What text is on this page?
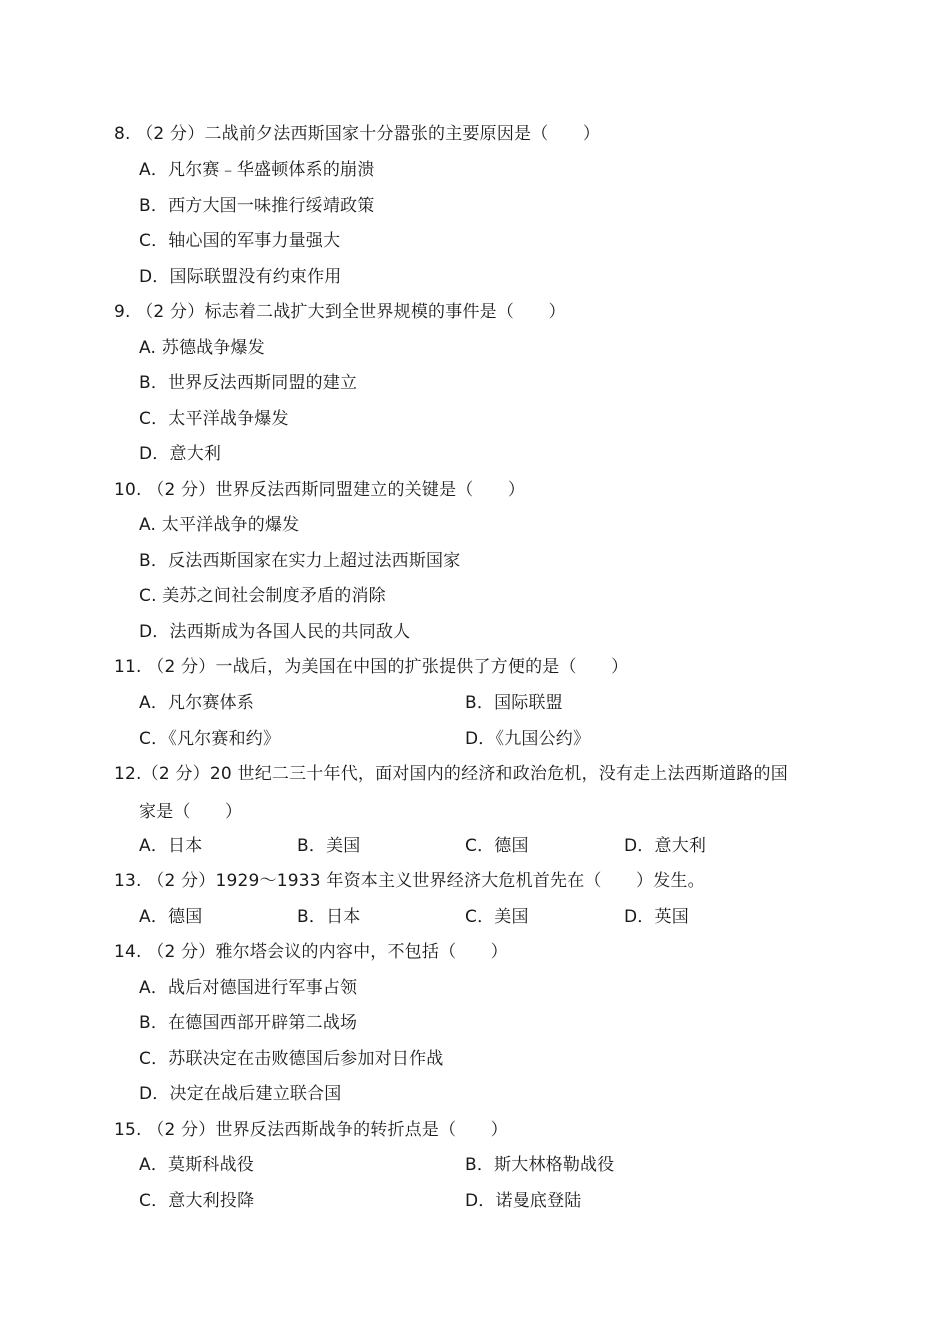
8. （2 分）二战前夕法西斯国家十分嚣张的主要原因是（　　）
A．凡尔赛﹣华盛顿体系的崩溃
B．西方大国一味推行绥靖政策
C．轴心国的军事力量强大
D．国际联盟没有约束作用
9. （2 分）标志着二战扩大到全世界规模的事件是（　　）
A. 苏德战争爆发
B．世界反法西斯同盟的建立
C．太平洋战争爆发
D．意大利
10. （2 分）世界反法西斯同盟建立的关键是（　　）
A. 太平洋战争的爆发
B．反法西斯国家在实力上超过法西斯国家
C. 美苏之间社会制度矛盾的消除
D．法西斯成为各国人民的共同敌人
11. （2 分）一战后，为美国在中国的扩张提供了方便的是（　　）
A．凡尔赛体系	B．国际联盟
C．《凡尔赛和约》	D．《九国公约》
12.（2 分）20 世纪二三十年代，面对国内的经济和政治危机，没有走上法西斯道路的国
家是（　　）
A．日本	B．美国	C．德国	D．意大利
13. （2 分）1929～1933 年资本主义世界经济大危机首先在（　　）发生。
A．德国	B．日本	C．美国	D．英国
14. （2 分）雅尔塔会议的内容中，不包括（　　）
A．战后对德国进行军事占领
B．在德国西部开辟第二战场
C．苏联决定在击败德国后参加对日作战
D．决定在战后建立联合国
15. （2 分）世界反法西斯战争的转折点是（　　）
A．莫斯科战役	B．斯大林格勒战役
C．意大利投降	D．诺曼底登陆
